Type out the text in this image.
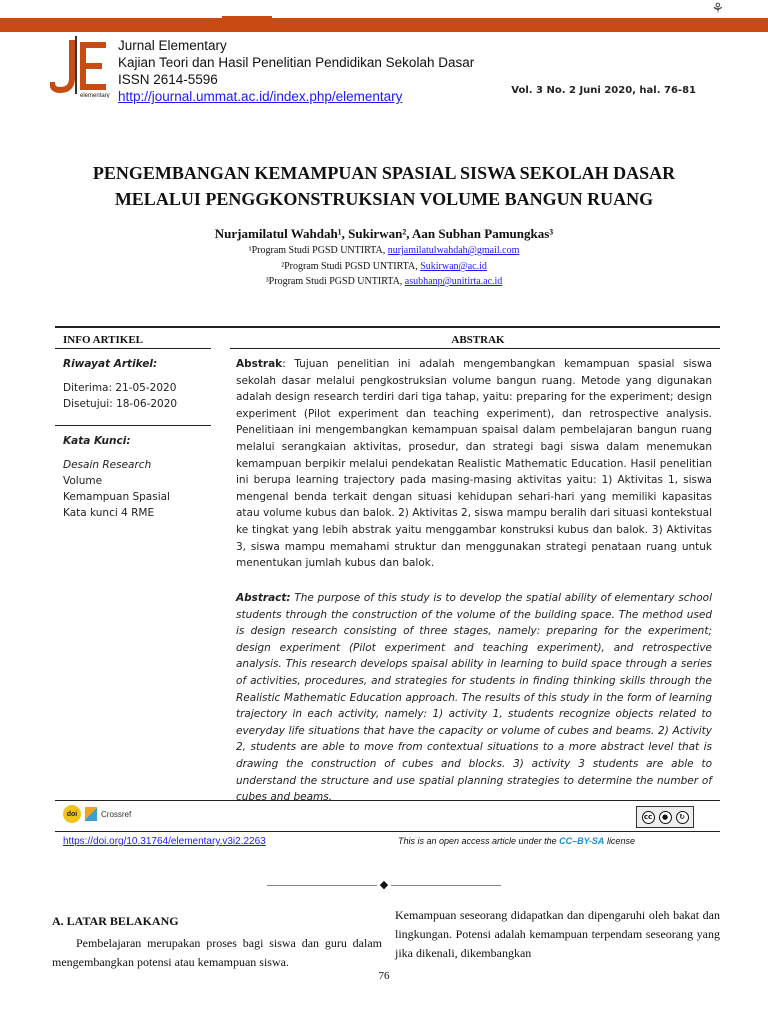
⚘
elementary
Jurnal Elementary
Kajian Teori dan Hasil Penelitian Pendidikan Sekolah Dasar
ISSN 2614-5596
http://journal.ummat.ac.id/index.php/elementary	Vol. 3 No. 2 Juni 2020, hal. 76-81
PENGEMBANGAN KEMAMPUAN SPASIAL SISWA SEKOLAH DASAR
MELALUI PENGGKONSTRUKSIAN VOLUME BANGUN RUANG
Nurjamilatul Wahdah¹, Sukirwan², Aan Subhan Pamungkas³
¹Program Studi PGSD UNTIRTA, nurjamilatulwahdah@gmail.com
²Program Studi PGSD UNTIRTA, Sukirwan@ac.id
³Program Studi PGSD UNTIRTA, asubhanp@unitirta.ac.id
INFO ARTIKEL	ABSTRAK
Riwayat Artikel:
Diterima: 21-05-2020
Disetujui: 18-06-2020
Kata Kunci:
Desain Research
Volume
Kemampuan Spasial
Kata kunci 4 RME
Abstrak: Tujuan penelitian ini adalah mengembangkan kemampuan spasial siswa sekolah dasar melalui pengkostruksian volume bangun ruang. Metode yang digunakan adalah design research terdiri dari tiga tahap, yaitu: preparing for the experiment; design experiment (Pilot experiment dan teaching experiment), dan retrospective analysis. Penelitiaan ini mengembangkan kemampuan spaisal dalam pembelajaran bangun ruang melalui serangkaian aktivitas, prosedur, dan strategi bagi siswa dalam menemukan kemampuan berpikir melalui pendekatan Realistic Mathematic Education. Hasil penelitian ini berupa learning trajectory pada masing-masing aktivitas yaitu: 1) Aktivitas 1, siswa mengenal benda terkait dengan situasi kehidupan sehari-hari yang memiliki kapasitas atau volume kubus dan balok. 2) Aktivitas 2, siswa mampu beralih dari situasi kontekstual ke tingkat yang lebih abstrak yaitu menggambar konstruksi kubus dan balok. 3) Aktivitas 3, siswa mampu memahami struktur dan menggunakan strategi penataan ruang untuk menentukan jumlah kubus dan balok.
Abstract: The purpose of this study is to develop the spatial ability of elementary school students through the construction of the volume of the building space. The method used is design research consisting of three stages, namely: preparing for the experiment; design experiment (Pilot experiment and teaching experiment), and retrospective analysis. This research develops spaisal ability in learning to build space through a series of activities, procedures, and strategies for students in finding thinking skills through the Realistic Mathematic Education approach. The results of this study in the form of learning trajectory in each activity, namely: 1) activity 1, students recognize objects related to everyday life situations that have the capacity or volume of cubes and beams. 2) Activity 2, students are able to move from contextual situations to a more abstract level that is drawing the construction of cubes and blocks. 3) activity 3 students are able to understand the structure and use spatial planning strategies to determine the number of cubes and beams.
doi	Crossref	cc	●	↻
https://doi.org/10.31764/elementary.v3i2.2263	This is an open access article under the CC–BY-SA license
—————————— ◆ ——————————
A. LATAR BELAKANG
Pembelajaran merupakan proses bagi siswa dan guru dalam mengembangkan potensi atau kemampuan siswa.
Kemampuan seseorang didapatkan dan dipengaruhi oleh bakat dan lingkungan. Potensi adalah kemampuan terpendam seseorang yang jika dikenali, dikembangkan
76
